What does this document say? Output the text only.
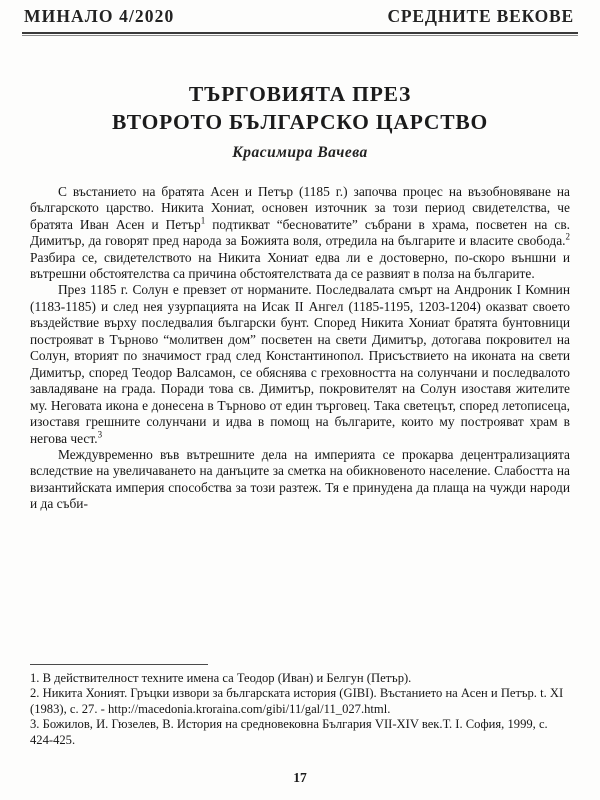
МИНАЛО 4/2020	СРЕДНИТЕ ВЕКОВЕ
ТЪРГОВИЯТА ПРЕЗ
ВТОРОТО БЪЛГАРСКО ЦАРСТВО
Красимира Вачева

С въстанието на братята Асен и Петър (1185 г.) започва процес на възобновяване на българското царство. Никита Хониат, основен източник за този период свидетелства, че братята Иван Асен и Петър$^1$ подтикват “беснoватите” събрани в храма, посветен на св. Димитър, да говорят пред народа за Божията воля, отредила на българите и власите свобода.$^2$ Разбира се, свидетелството на Никита Хониат едва ли е достоверно, по-скоро външни и вътрешни обстоятелства са причина обстоятелствата да се развият в полза на българите.

През 1185 г. Солун е превзет от норманите. Последвалата смърт на Андроник I Комнин (1183-1185) и след нея узурпацията на Исак II Ангел (1185-1195, 1203-1204) оказват своето въздействие върху последвалия български бунт. Според Никита Хониат братята бунтовници построяват в Търново “молитвен дом” посветен на свети Димитър, дотогава покровител на Солун, вторият по значимост град след Константинопол. Присъствието на иконата на свети Димитър, според Теодор Валсамон, се обяснява с греховността на солунчани и последвалото завладяване на града. Поради това св. Димитър, покровителят на Солун изоставя жителите му. Неговата икона е донесена в Търново от един търговец. Така светецът, според летописеца, изоставя грешните солунчани и идва в помощ на българите, които му построяват храм в негова чест.$^3$

Междувременно във вътрешните дела на империята се прокарва децентрализацията вследствие на увеличаването на данъците за сметка на обикновеното население. Слабостта на византийската империя способства за този разтеж. Тя е принудена да плаща на чужди народи и да съби-

1. В действителност техните имена са Теодор (Иван) и Белгун (Петър).
2. Никита Хоният. Гръцки извори за българската история (GIBI). Въстанието на Асен и Петър. t. XI (1983), с. 27. - http://macedonia.kroraina.com/gibi/11/gal/11_027.html.
3. Божилов, И. Гюзелев, В. История на средновековна България VII-XIV век.Т. I. София, 1999, с. 424-425.
17
